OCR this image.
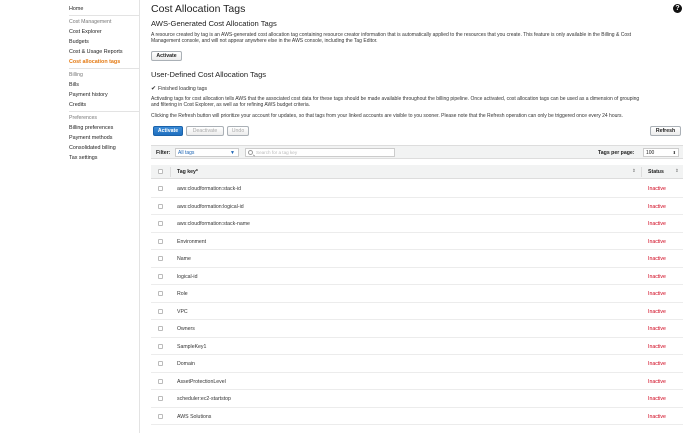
Home
Cost Management
Cost Explorer
Budgets
Cost & Usage Reports
Cost allocation tags
Billing
Bills
Payment history
Credits
Preferences
Billing preferences
Payment methods
Consolidated billing
Tax settings
?
Cost Allocation Tags
AWS-Generated Cost Allocation Tags
A resource created by tag is an AWS-generated cost allocation tag containing resource creator information that is automatically applied to the resources that you create. This feature is only available in the Billing & Cost
Management console, and will not appear anywhere else in the AWS console, including the Tag Editor.
Activate
User-Defined Cost Allocation Tags
✔ Finished loading tags
Activating tags for cost allocation tells AWS that the associated cost data for these tags should be made available throughout the billing pipeline. Once activated, cost allocation tags can be used as a dimension of grouping
and filtering in Cost Explorer, as well as for refining AWS budget criteria.
Clicking the Refresh button will prioritize your account for updates, so that tags from your linked accounts are visible to you sooner. Please note that the Refresh operation can only be triggered once every 24 hours.
Activate	Deactivate	Undo	Refresh
Filter:	All tags	▼	Search for a tag key	Tags per page:	100	⬍
Tag key*	⇕ Status ⇕
aws:cloudformation:stack-id	Inactive
aws:cloudformation:logical-id	Inactive
aws:cloudformation:stack-name	Inactive
Environment	Inactive
Name	Inactive
logical-id	Inactive
Role	Inactive
VPC	Inactive
Owners	Inactive
SampleKey1	Inactive
Domain	Inactive
AssetProtectionLevel	Inactive
scheduler:ec2-startstop	Inactive
AWS Solutions	Inactive
